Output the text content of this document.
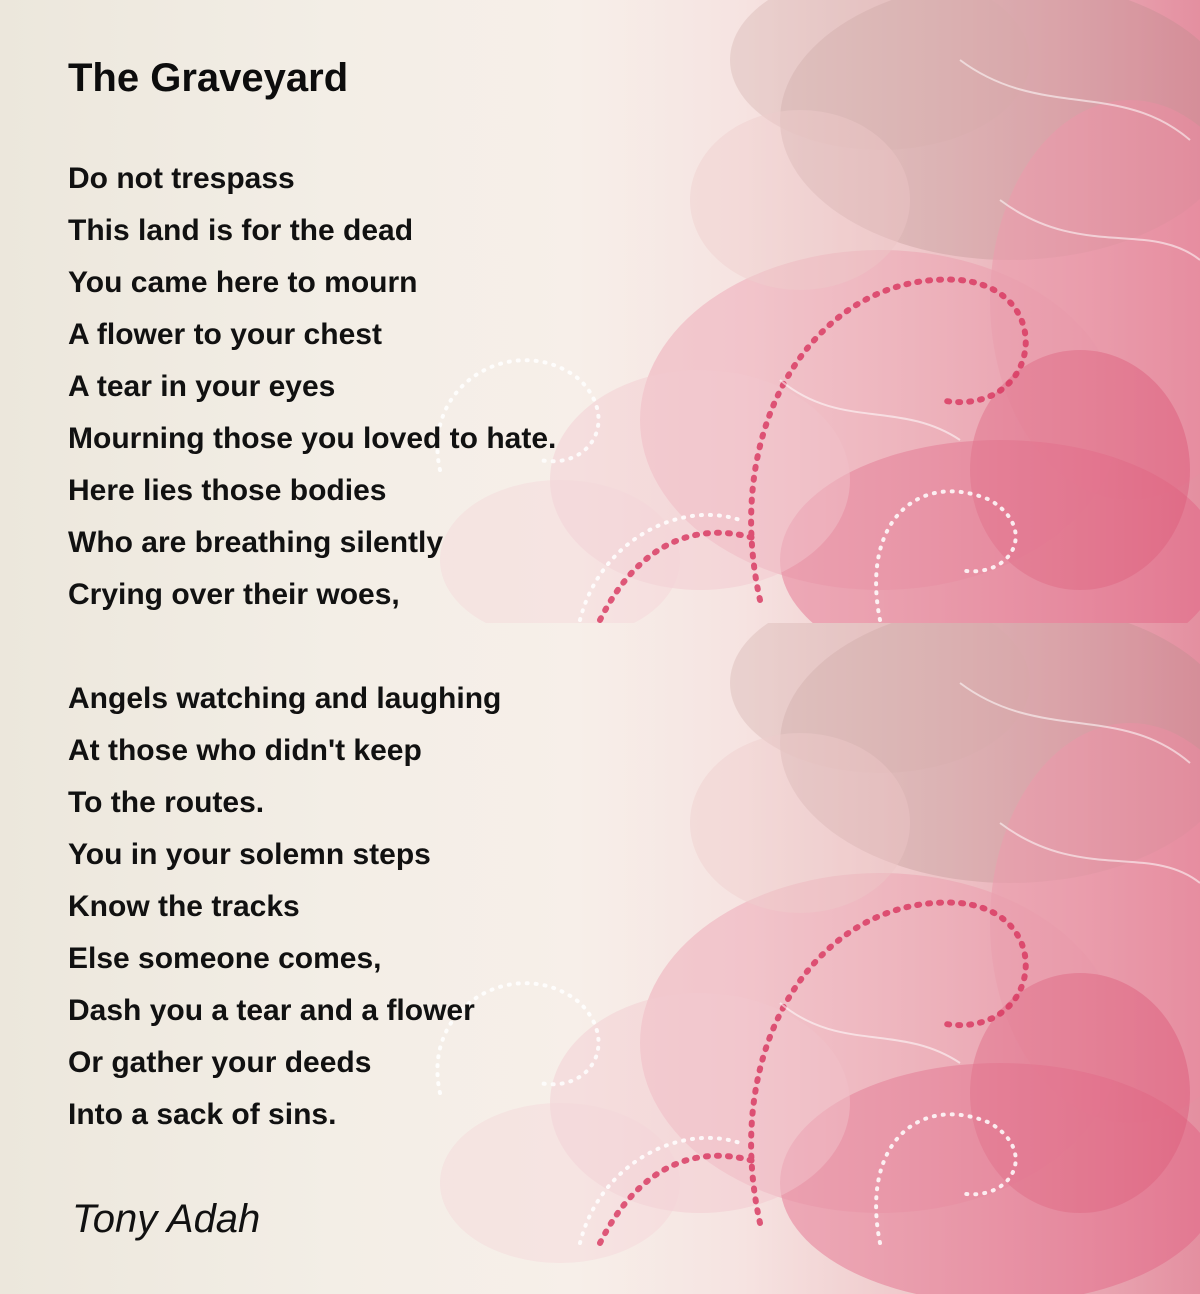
The Graveyard
Do not trespass
This land is for the dead
You came here to mourn
A flower to your chest
A tear in your eyes
Mourning those you loved to hate.
Here lies those bodies
Who are breathing silently
Crying over their woes,
Angels watching and laughing
At those who didn't keep
To the routes.
You in your solemn steps
Know the tracks
Else someone comes,
Dash you a tear and a flower
Or gather your deeds
Into a sack of sins.
Tony Adah
